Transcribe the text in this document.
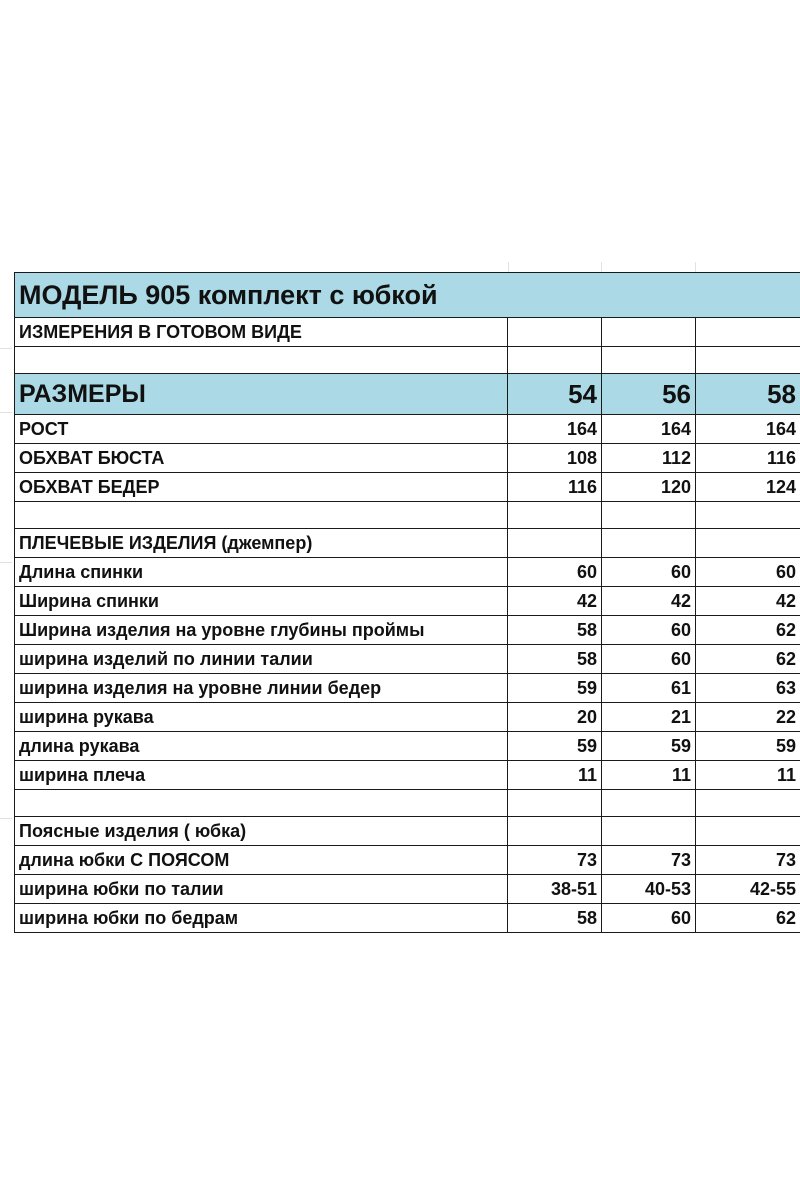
МОДЕЛЬ 905 комплект с юбкой			
ИЗМЕРЕНИЯ В ГОТОВОМ ВИДЕ			

РАЗМЕРЫ	54	56	58
РОСТ	164	164	164
ОБХВАТ БЮСТА	108	112	116
ОБХВАТ БЕДЕР	116	120	124

ПЛЕЧЕВЫЕ ИЗДЕЛИЯ (джемпер)			
Длина спинки	60	60	60
Ширина спинки	42	42	42
Ширина изделия на уровне глубины проймы	58	60	62
ширина изделий по линии талии	58	60	62
ширина изделия на уровне линии бедер	59	61	63
ширина рукава	20	21	22
длина рукава	59	59	59
ширина плеча	11	11	11

Поясные изделия ( юбка)			
длина юбки С ПОЯСОМ	73	73	73
ширина юбки по талии	38-51	40-53	42-55
ширина юбки по бедрам	58	60	62
